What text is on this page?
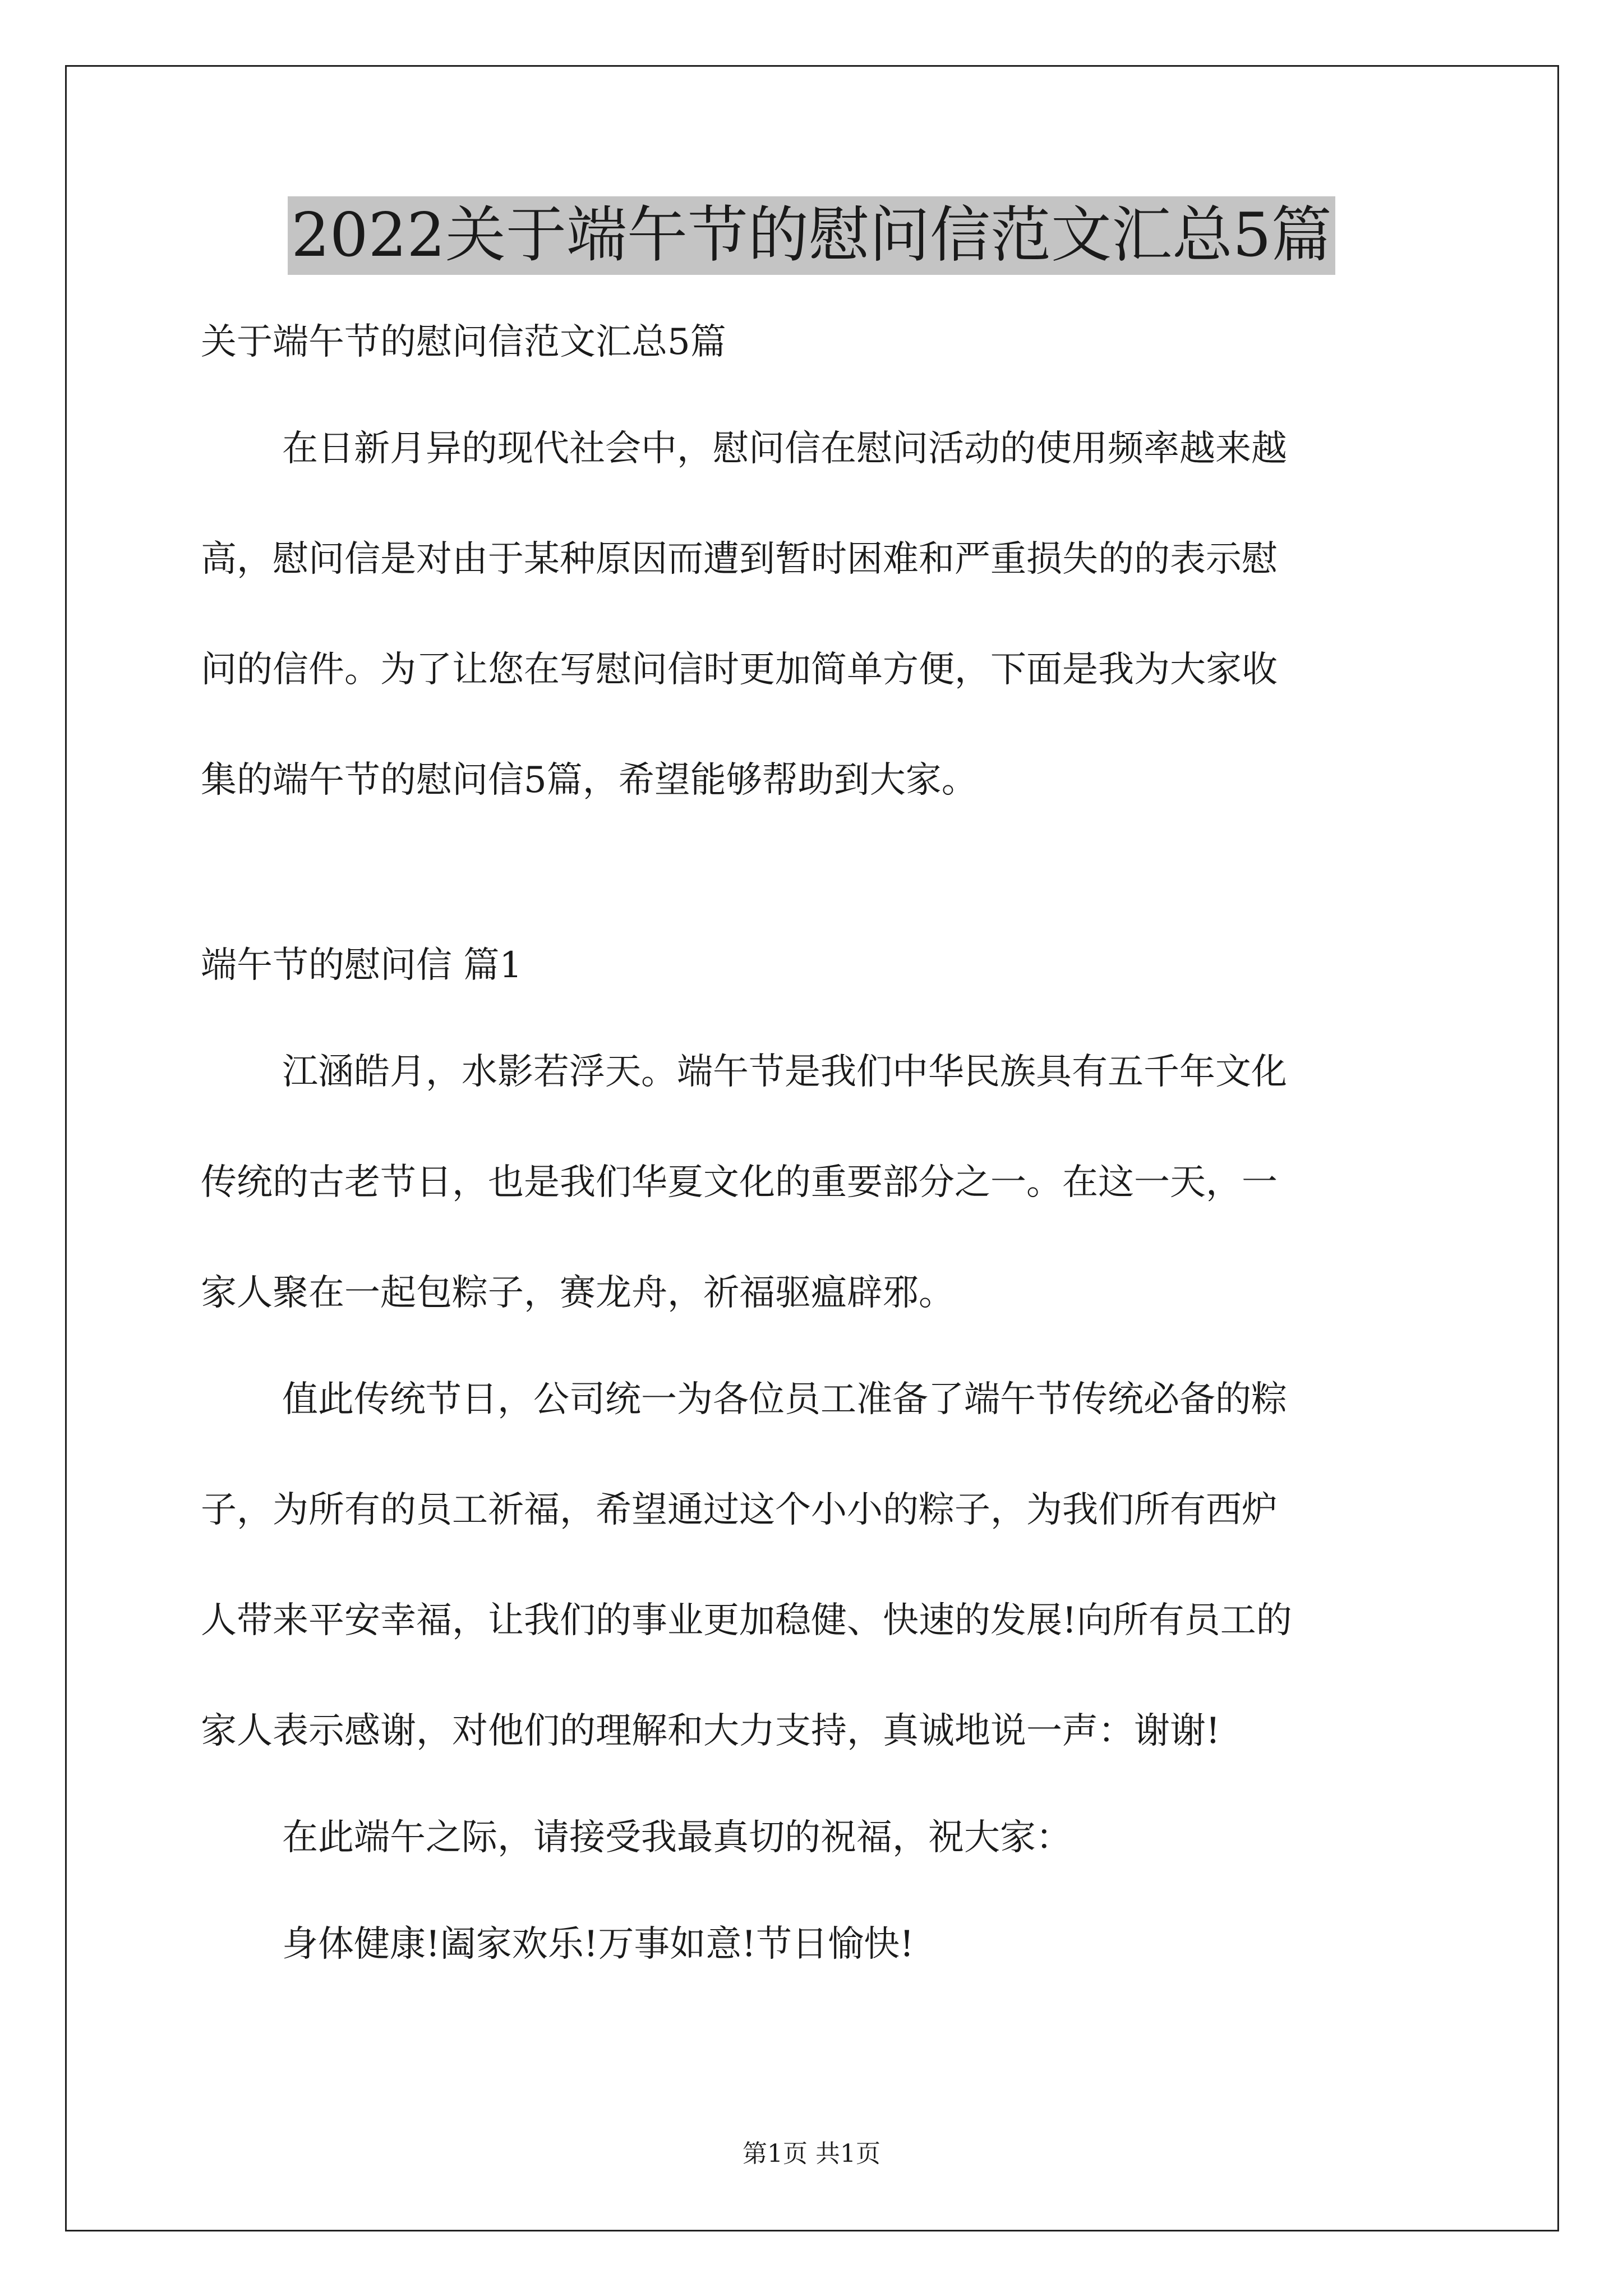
2022关于端午节的慰问信范文汇总5篇
关于端午节的慰问信范文汇总5篇
在日新月异的现代社会中，慰问信在慰问活动的使用频率越来越
高，慰问信是对由于某种原因而遭到暂时困难和严重损失的的表示慰
问的信件。为了让您在写慰问信时更加简单方便，下面是我为大家收
集的端午节的慰问信5篇，希望能够帮助到大家。
端午节的慰问信 篇1
江涵皓月，水影若浮天。端午节是我们中华民族具有五千年文化
传统的古老节日，也是我们华夏文化的重要部分之一。在这一天，一
家人聚在一起包粽子，赛龙舟，祈福驱瘟辟邪。
值此传统节日，公司统一为各位员工准备了端午节传统必备的粽
子，为所有的员工祈福，希望通过这个小小的粽子，为我们所有西炉
人带来平安幸福，让我们的事业更加稳健、快速的发展!向所有员工的
家人表示感谢，对他们的理解和大力支持，真诚地说一声：谢谢!
在此端午之际，请接受我最真切的祝福，祝大家：
身体健康!阖家欢乐!万事如意!节日愉快!
第1页 共1页
